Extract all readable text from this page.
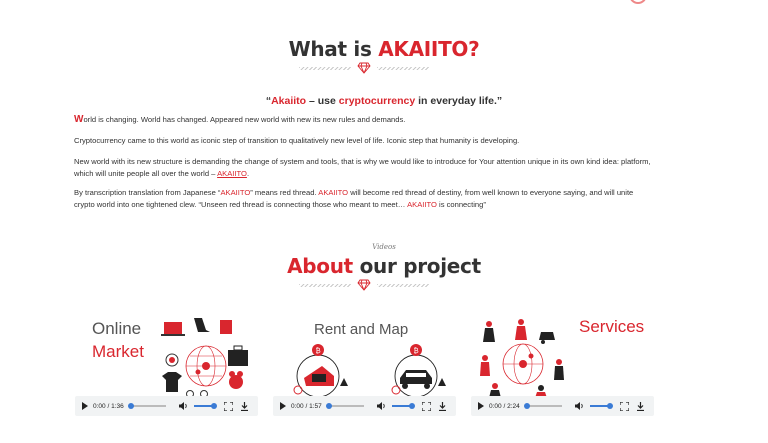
What is AKAIITO?
“Akaiito – use cryptocurrency in everyday life.”

World is changing. World has changed. Appeared new world with new its new rules and demands.

Cryptocurrency came to this world as iconic step of transition to qualitatively new level of life. Iconic step that humanity is developing.

New world with its new structure is demanding the change of system and tools, that is why we would like to introduce for Your attention unique in its own kind idea: platform, which will unite people all over the world – AKAIITO.

By transcription translation from Japanese “AKAIITO” means red thread. AKAIITO will become red thread of destiny, from well known to everyone saying, and will unite crypto world into one tightened clew. “Unseen red thread is connecting those who meant to meet… AKAIITO is connecting”

Videos
About our project
Online
Market
Rent and Map
₿	₿
Services
0:00 / 1:36	0:00 / 1:57	0:00 / 2:24
